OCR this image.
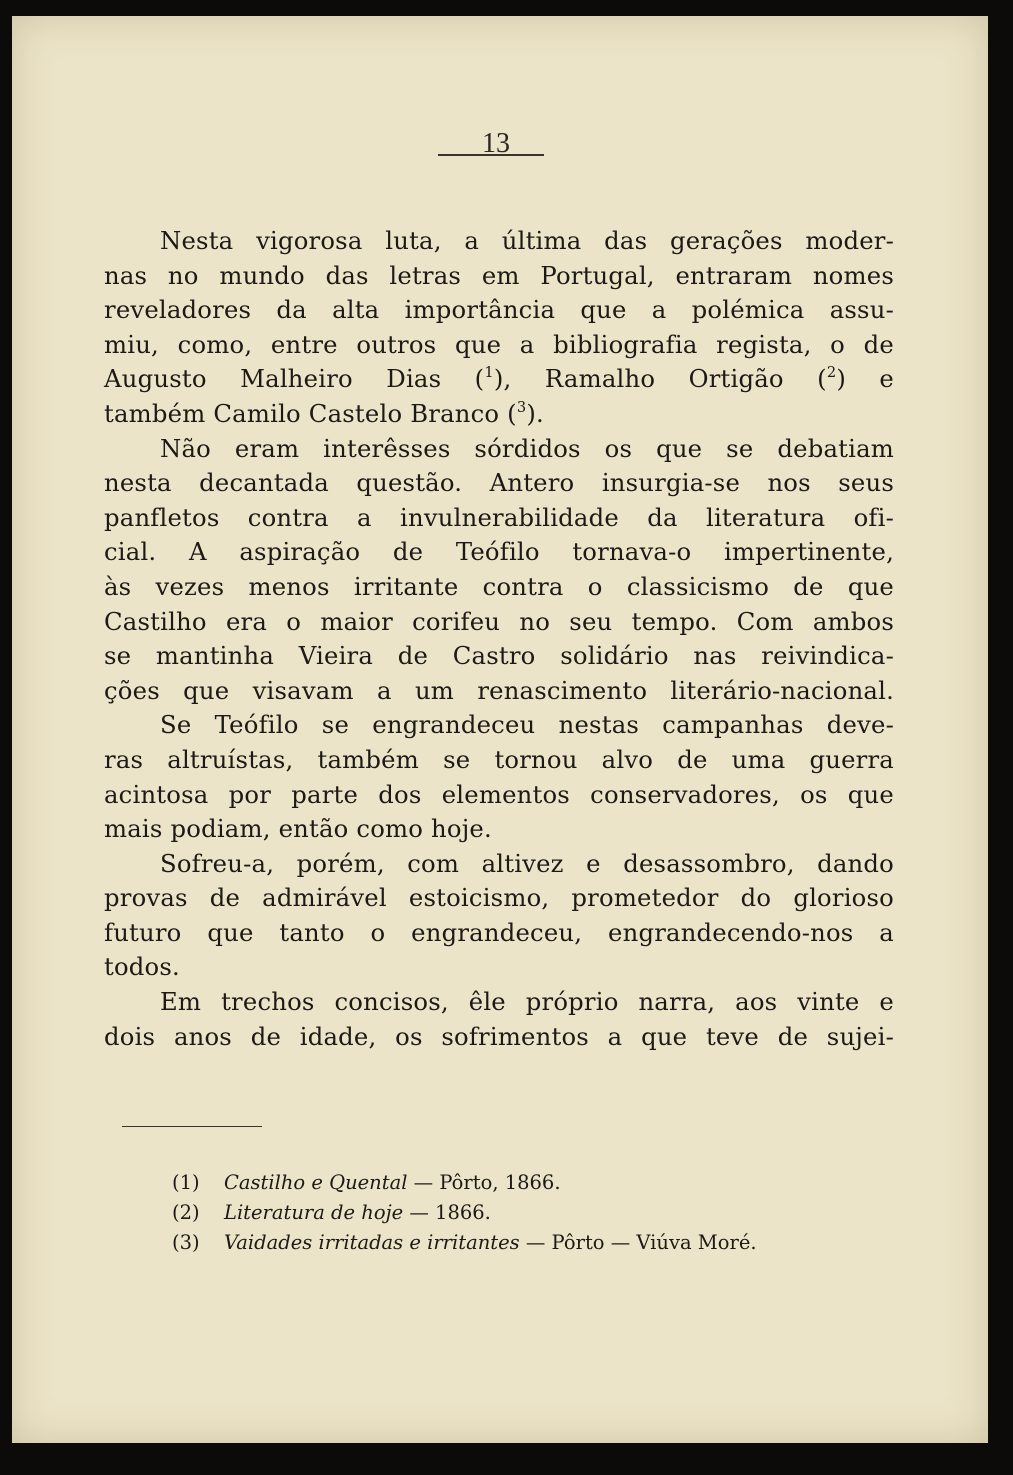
13
Nesta vigorosa luta, a última das gerações moder-
nas no mundo das letras em Portugal, entraram nomes
reveladores da alta importância que a polémica assu-
miu, como, entre outros que a bibliografia regista, o de
Augusto Malheiro Dias ($^1$), Ramalho Ortigão ($^2$) e
também Camilo Castelo Branco ($^3$).
Não eram interêsses sórdidos os que se debatiam
nesta decantada questão. Antero insurgia-se nos seus
panfletos contra a invulnerabilidade da literatura ofi-
cial. A aspiração de Teófilo tornava-o impertinente,
às vezes menos irritante contra o classicismo de que
Castilho era o maior corifeu no seu tempo. Com ambos
se mantinha Vieira de Castro solidário nas reivindica-
ções que visavam a um renascimento literário-nacional.
Se Teófilo se engrandeceu nestas campanhas deve-
ras altruístas, também se tornou alvo de uma guerra
acintosa por parte dos elementos conservadores, os que
mais podiam, então como hoje.
Sofreu-a, porém, com altivez e desassombro, dando
provas de admirável estoicismo, prometedor do glorioso
futuro que tanto o engrandeceu, engrandecendo-nos a
todos.
Em trechos concisos, êle próprio narra, aos vinte e
dois anos de idade, os sofrimentos a que teve de sujei-
(1) Castilho e Quental — Pôrto, 1866.
(2) Literatura de hoje — 1866.
(3) Vaidades irritadas e irritantes — Pôrto — Viúva Moré.
